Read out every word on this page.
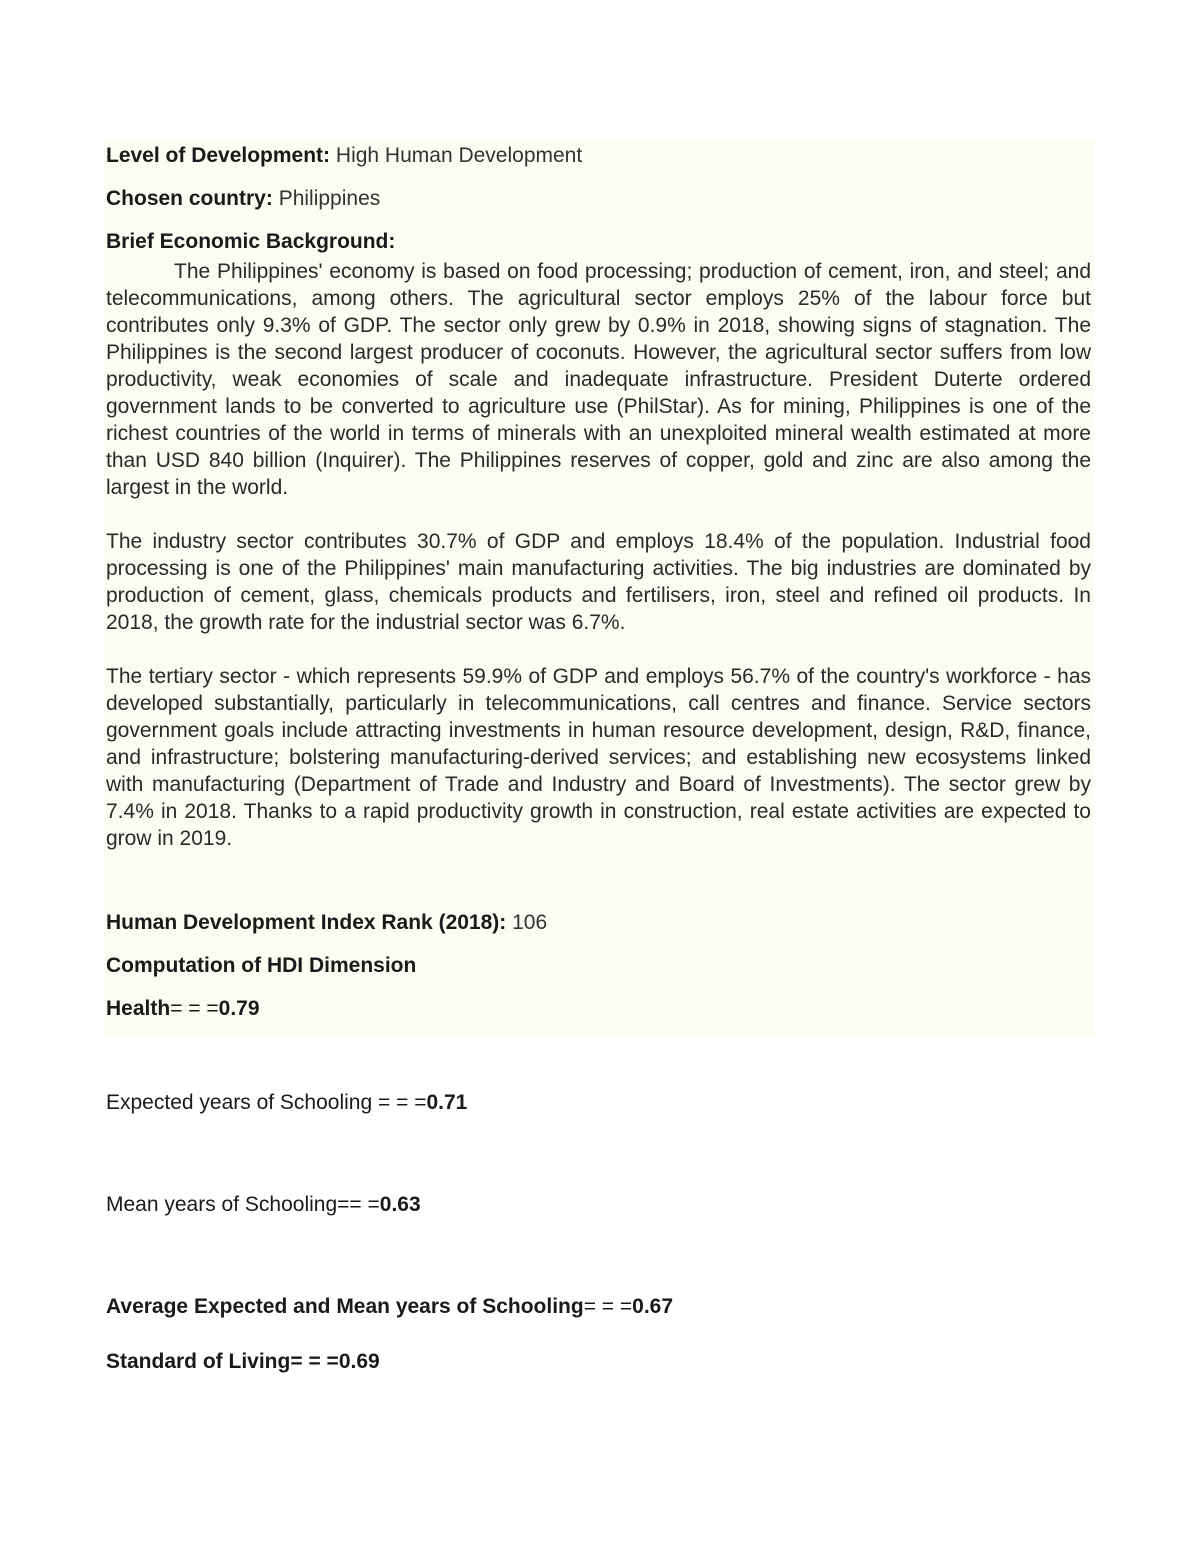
Level of Development: High Human Development

Chosen country: Philippines

Brief Economic Background:

The Philippines' economy is based on food processing; production of cement, iron, and steel; and telecommunications, among others. The agricultural sector employs 25% of the labour force but contributes only 9.3% of GDP. The sector only grew by 0.9% in 2018, showing signs of stagnation. The Philippines is the second largest producer of coconuts. However, the agricultural sector suffers from low productivity, weak economies of scale and inadequate infrastructure. President Duterte ordered government lands to be converted to agriculture use (PhilStar). As for mining, Philippines is one of the richest countries of the world in terms of minerals with an unexploited mineral wealth estimated at more than USD 840 billion (Inquirer). The Philippines reserves of copper, gold and zinc are also among the largest in the world.

The industry sector contributes 30.7% of GDP and employs 18.4% of the population. Industrial food processing is one of the Philippines' main manufacturing activities. The big industries are dominated by production of cement, glass, chemicals products and fertilisers, iron, steel and refined oil products. In 2018, the growth rate for the industrial sector was 6.7%.

The tertiary sector - which represents 59.9% of GDP and employs 56.7% of the country's workforce - has developed substantially, particularly in telecommunications, call centres and finance. Service sectors government goals include attracting investments in human resource development, design, R&D, finance, and infrastructure; bolstering manufacturing-derived services; and establishing new ecosystems linked with manufacturing (Department of Trade and Industry and Board of Investments). The sector grew by 7.4% in 2018. Thanks to a rapid productivity growth in construction, real estate activities are expected to grow in 2019.

Human Development Index Rank (2018): 106

Computation of HDI Dimension

Health= = =0.79

Expected years of Schooling = = =0.71

Mean years of Schooling== =0.63

Average Expected and Mean years of Schooling= = =0.67

Standard of Living= = =0.69
